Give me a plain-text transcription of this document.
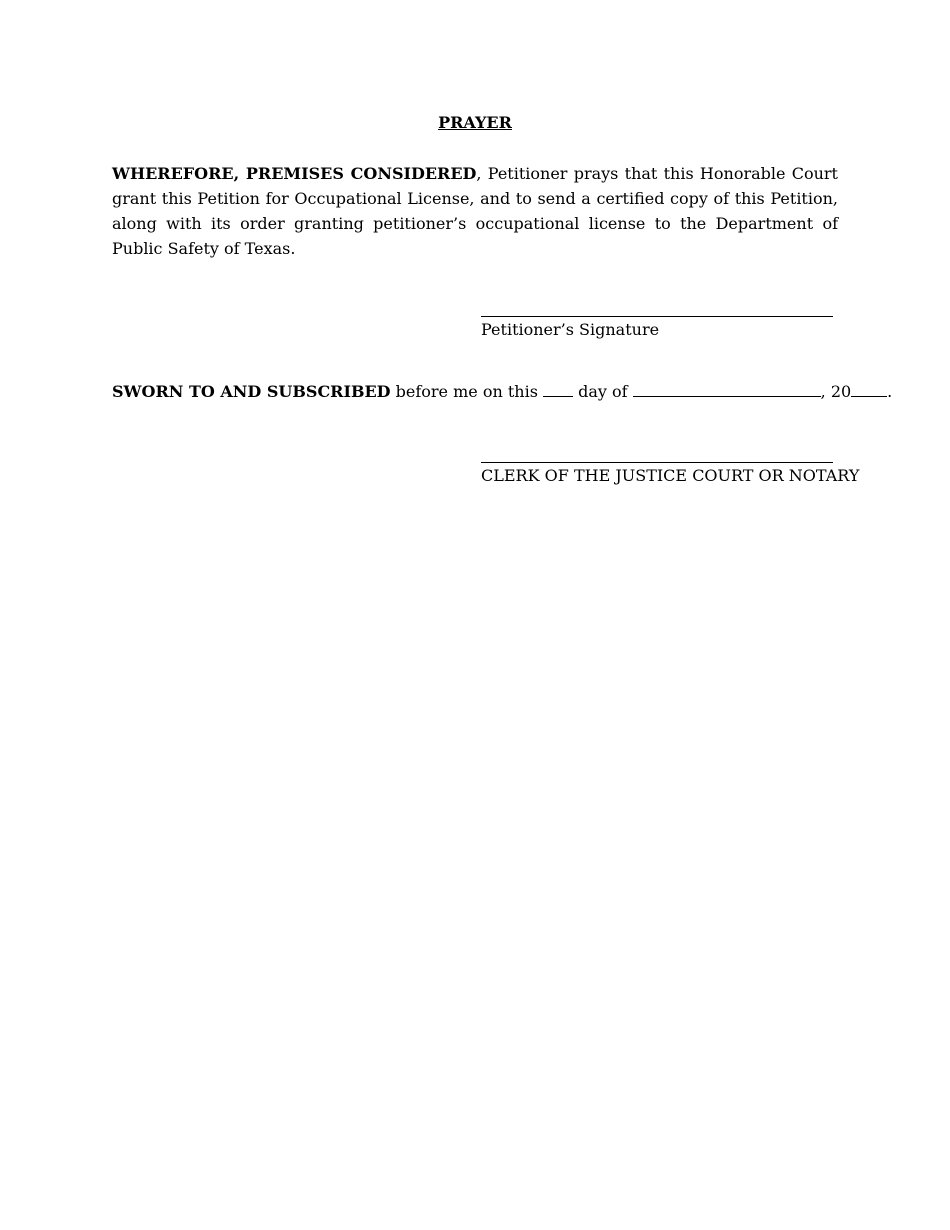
PRAYER

WHEREFORE, PREMISES CONSIDERED, Petitioner prays that this Honorable Court grant this Petition for Occupational License, and to send a certified copy of this Petition, along with its order granting petitioner’s occupational license to the Department of Public Safety of Texas.

Petitioner’s Signature
SWORN TO AND SUBSCRIBED before me on this  day of	, 20 .
CLERK OF THE JUSTICE COURT OR NOTARY
